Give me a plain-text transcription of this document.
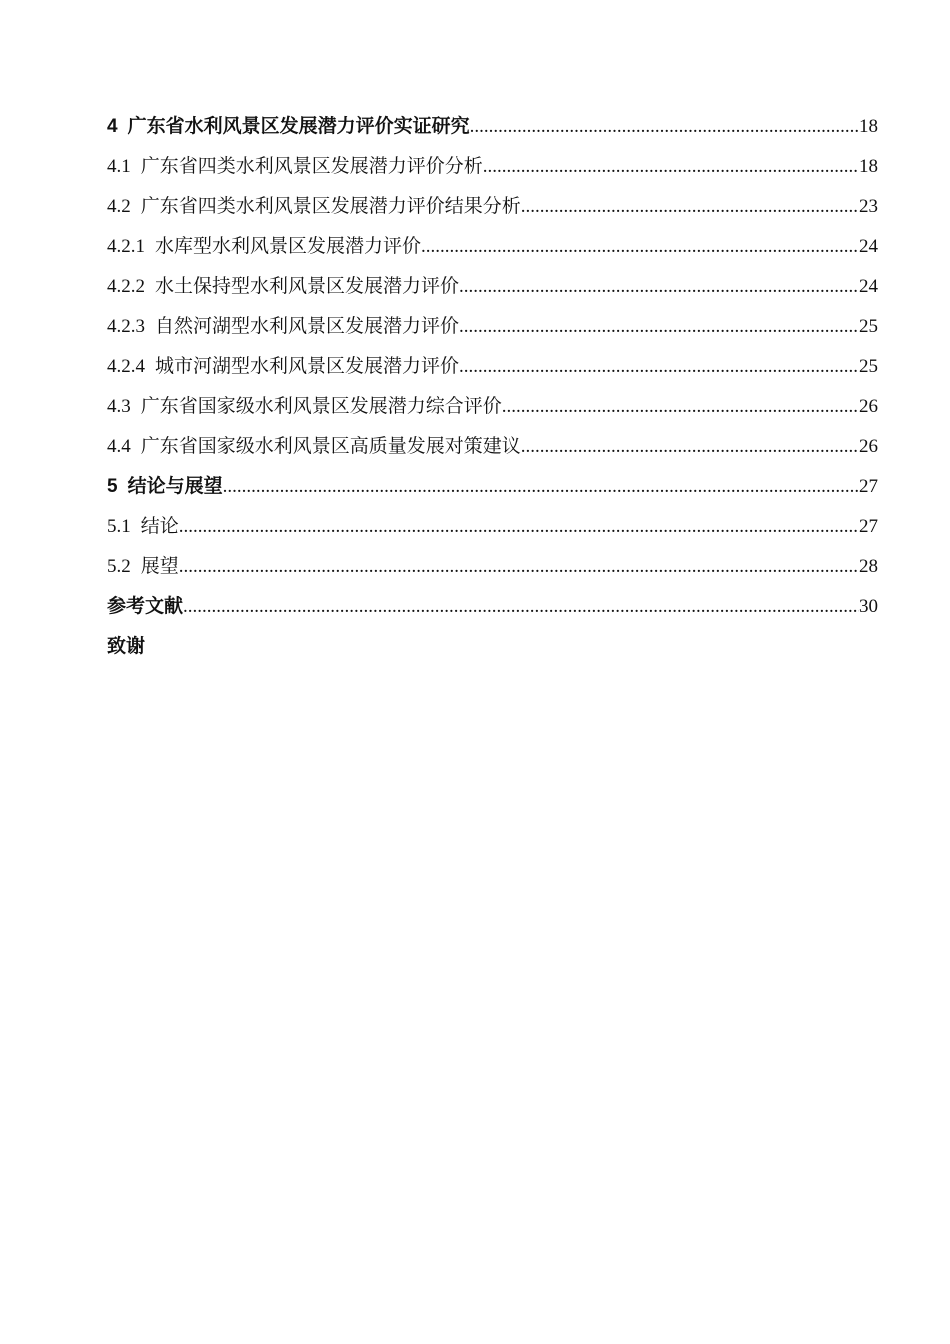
4 广东省水利风景区发展潜力评价实证研究 .....	18
4.1 广东省四类水利风景区发展潜力评价分析 .....	18
4.2 广东省四类水利风景区发展潜力评价结果分析 .....	23
4.2.1 水库型水利风景区发展潜力评价 .....	24
4.2.2 水土保持型水利风景区发展潜力评价 .....	24
4.2.3 自然河湖型水利风景区发展潜力评价 .....	25
4.2.4 城市河湖型水利风景区发展潜力评价 .....	25
4.3 广东省国家级水利风景区发展潜力综合评价 .....	26
4.4 广东省国家级水利风景区高质量发展对策建议 .....	26
5 结论与展望 .....	27
5.1 结论 .....	27
5.2 展望 .....	28
参考文献 .....	30
致谢
